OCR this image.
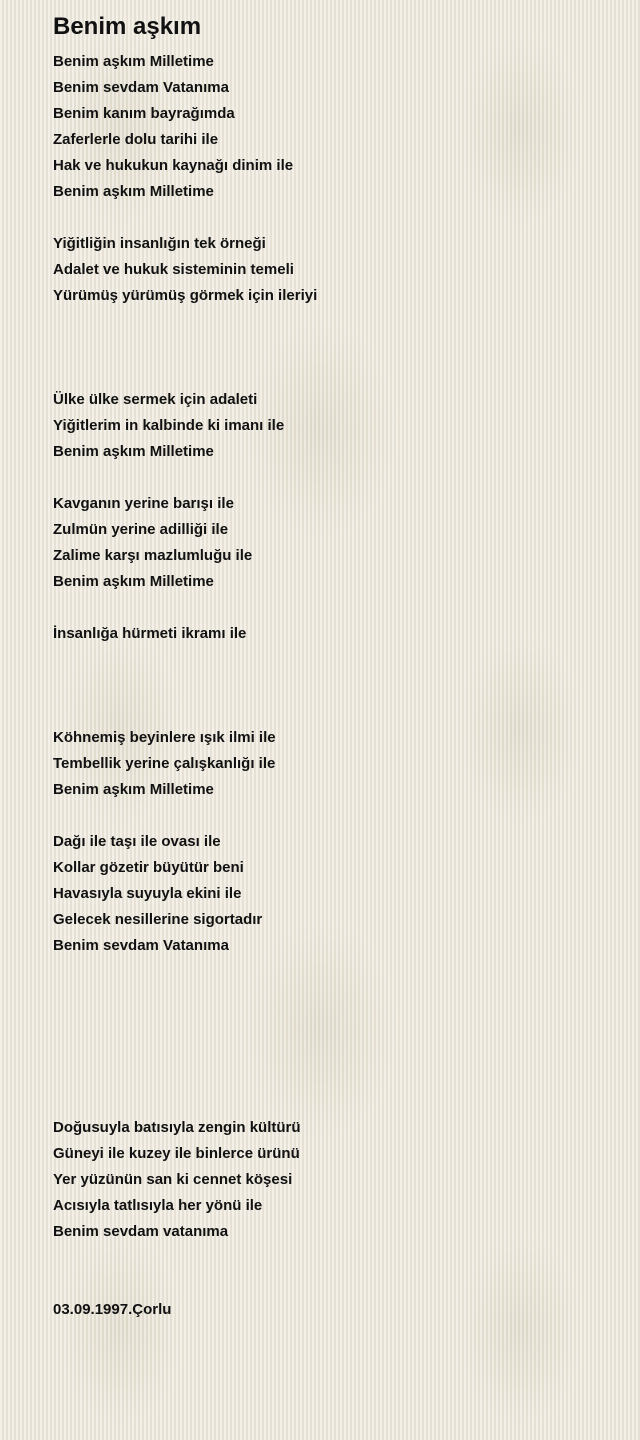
Benim aşkım
Benim aşkım Milletime
Benim sevdam Vatanıma
Benim kanım bayrağımda
Zaferlerle dolu tarihi ile
Hak ve hukukun kaynağı dinim ile
Benim aşkım Milletime
Yiğitliğin insanlığın tek örneği
Adalet ve hukuk sisteminin temeli
Yürümüş yürümüş görmek için ileriyi
Ülke ülke sermek için adaleti
Yiğitlerim in kalbinde ki imanı ile
Benim aşkım Milletime
Kavganın yerine barışı ile
Zulmün yerine adilliği ile
Zalime karşı mazlumluğu ile
Benim aşkım Milletime
İnsanlığa hürmeti ikramı ile
Köhnemiş beyinlere ışık ilmi ile
Tembellik yerine çalışkanlığı ile
Benim aşkım Milletime
Dağı ile taşı ile ovası ile
Kollar gözetir büyütür beni
Havasıyla suyuyla ekini ile
Gelecek nesillerine sigortadır
Benim sevdam Vatanıma
Doğusuyla batısıyla zengin kültürü
Güneyi ile kuzey ile binlerce ürünü
Yer yüzünün san ki cennet köşesi
Acısıyla tatlısıyla her yönü ile
Benim sevdam vatanıma
03.09.1997.Çorlu
